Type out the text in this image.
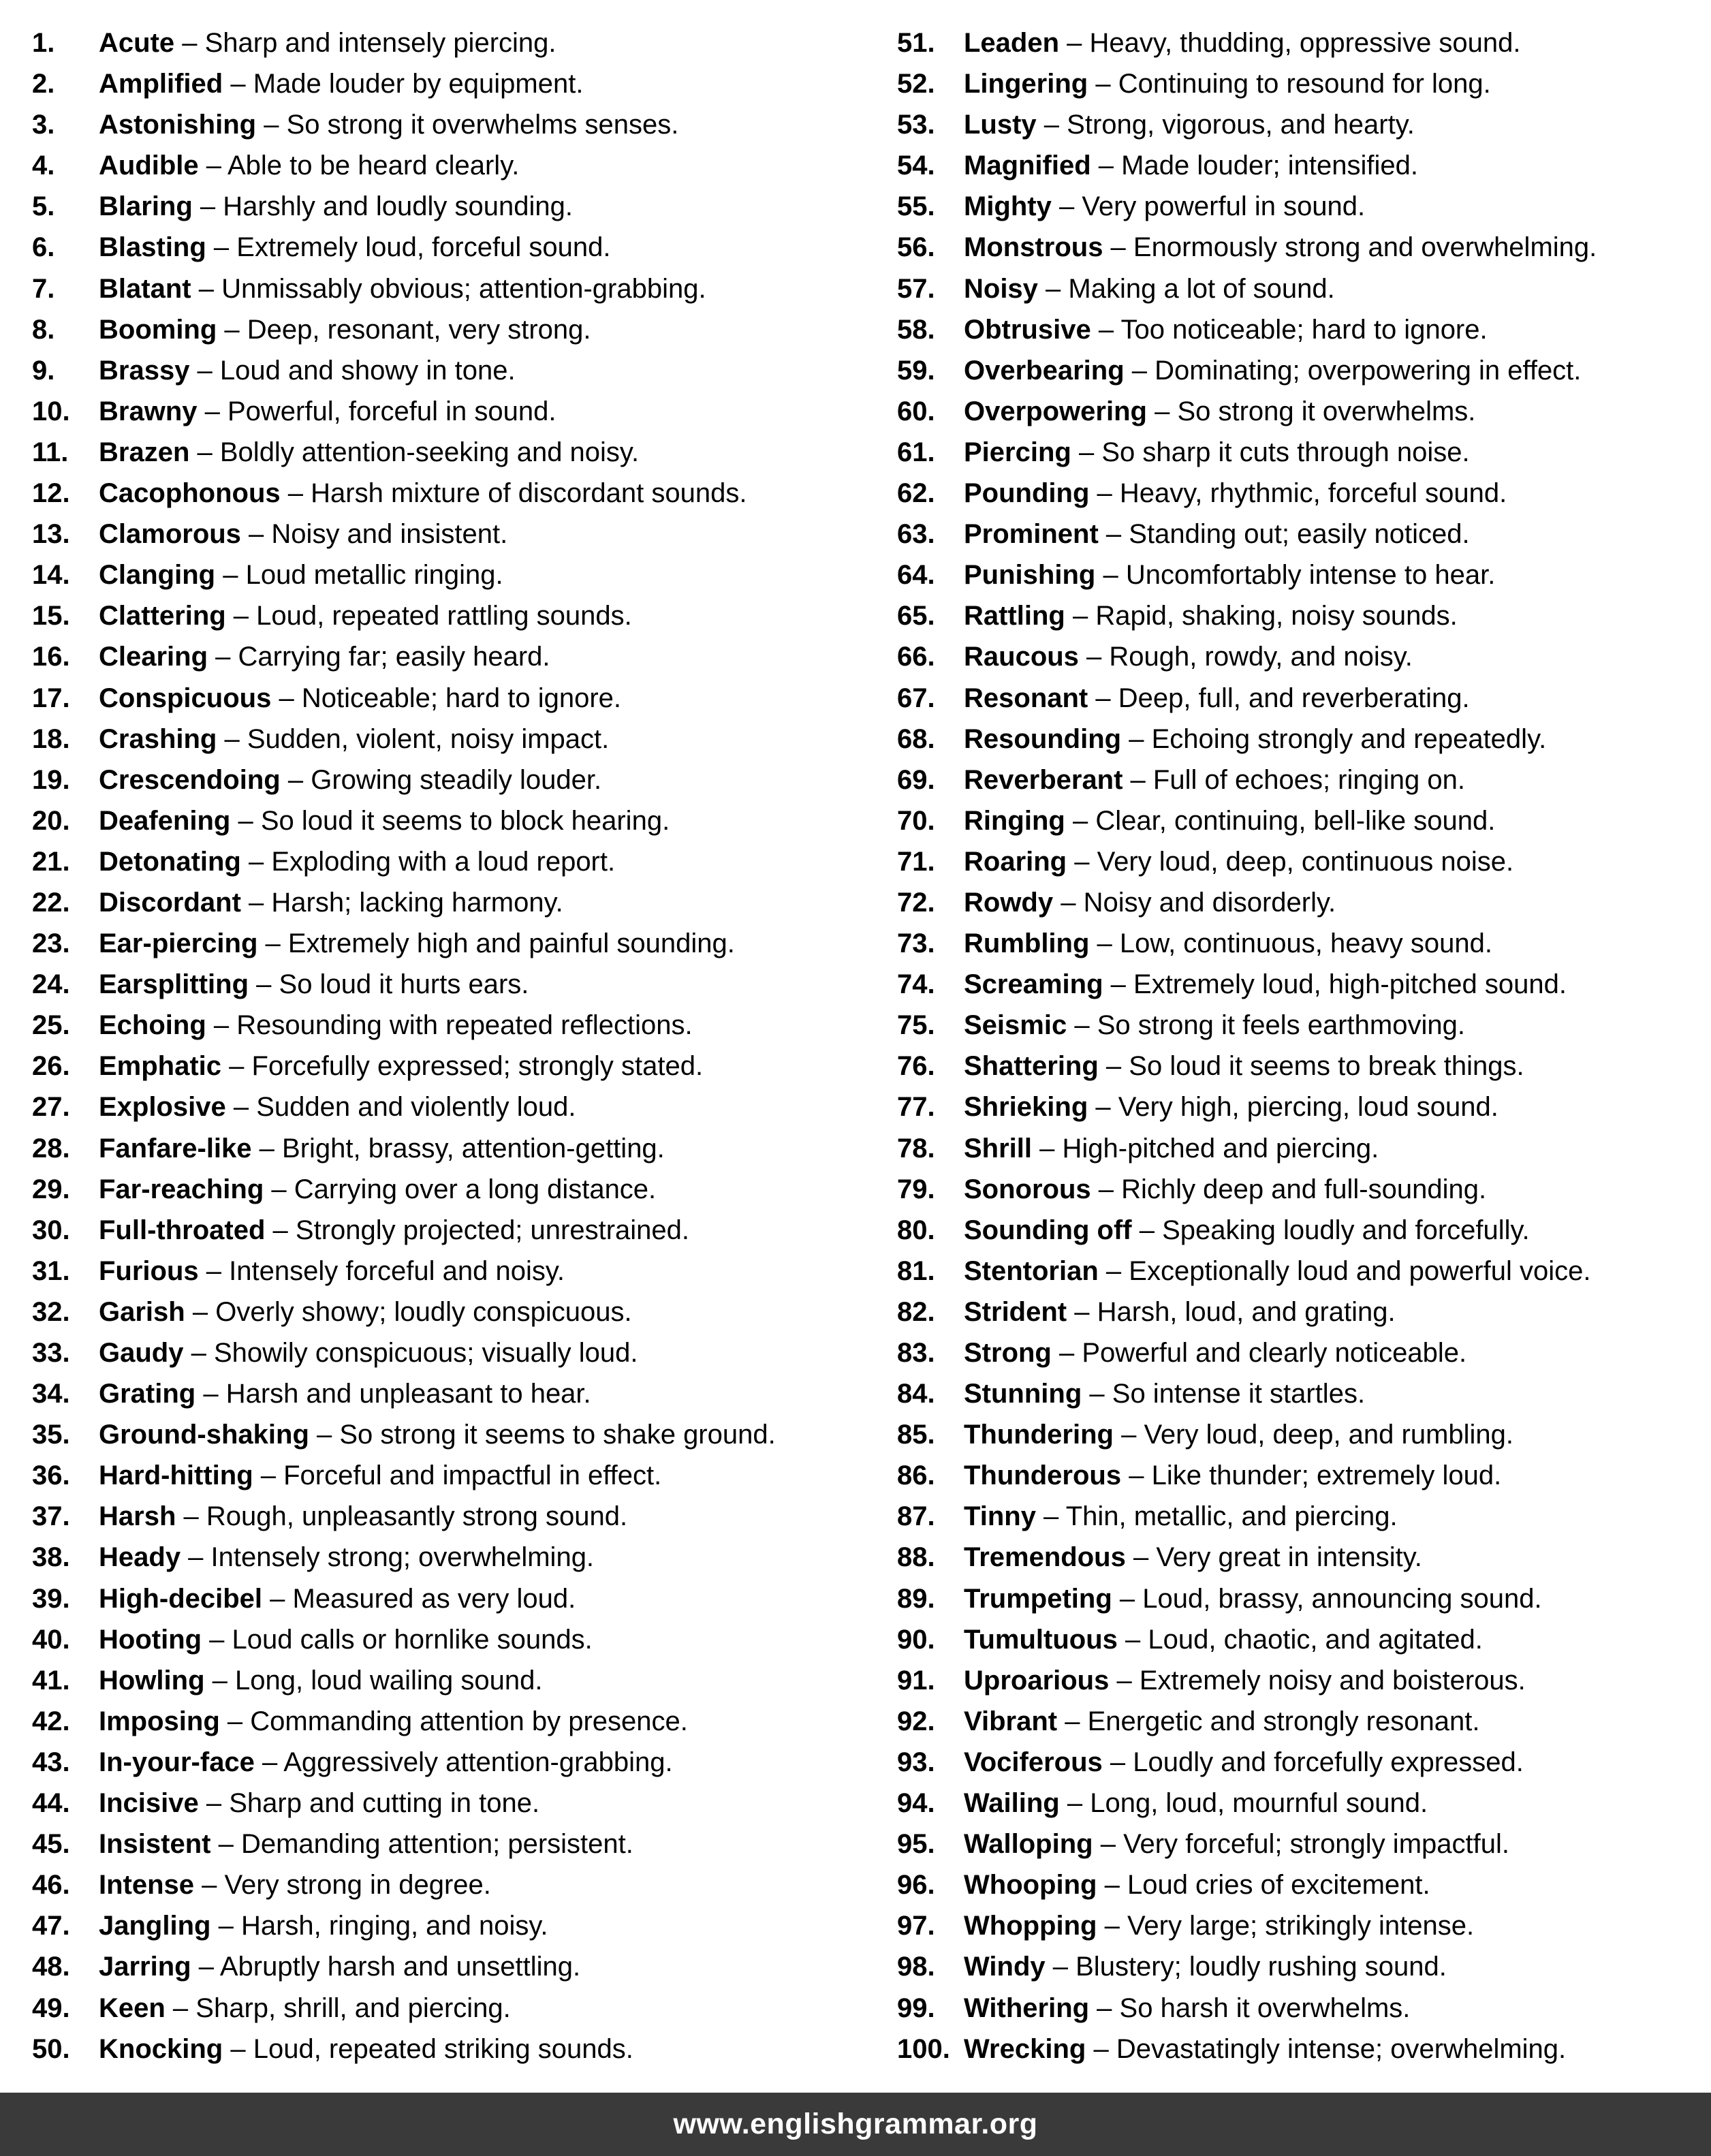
1.	Acute – Sharp and intensely piercing.
2.	Amplified – Made louder by equipment.
3.	Astonishing – So strong it overwhelms senses.
4.	Audible – Able to be heard clearly.
5.	Blaring – Harshly and loudly sounding.
6.	Blasting – Extremely loud, forceful sound.
7.	Blatant – Unmissably obvious; attention-grabbing.
8.	Booming – Deep, resonant, very strong.
9.	Brassy – Loud and showy in tone.
10.	Brawny – Powerful, forceful in sound.
11.	Brazen – Boldly attention-seeking and noisy.
12.	Cacophonous – Harsh mixture of discordant sounds.
13.	Clamorous – Noisy and insistent.
14.	Clanging – Loud metallic ringing.
15.	Clattering – Loud, repeated rattling sounds.
16.	Clearing – Carrying far; easily heard.
17.	Conspicuous – Noticeable; hard to ignore.
18.	Crashing – Sudden, violent, noisy impact.
19.	Crescendoing – Growing steadily louder.
20.	Deafening – So loud it seems to block hearing.
21.	Detonating – Exploding with a loud report.
22.	Discordant – Harsh; lacking harmony.
23.	Ear-piercing – Extremely high and painful sounding.
24.	Earsplitting – So loud it hurts ears.
25.	Echoing – Resounding with repeated reflections.
26.	Emphatic – Forcefully expressed; strongly stated.
27.	Explosive – Sudden and violently loud.
28.	Fanfare-like – Bright, brassy, attention-getting.
29.	Far-reaching – Carrying over a long distance.
30.	Full-throated – Strongly projected; unrestrained.
31.	Furious – Intensely forceful and noisy.
32.	Garish – Overly showy; loudly conspicuous.
33.	Gaudy – Showily conspicuous; visually loud.
34.	Grating – Harsh and unpleasant to hear.
35.	Ground-shaking – So strong it seems to shake ground.
36.	Hard-hitting – Forceful and impactful in effect.
37.	Harsh – Rough, unpleasantly strong sound.
38.	Heady – Intensely strong; overwhelming.
39.	High-decibel – Measured as very loud.
40.	Hooting – Loud calls or hornlike sounds.
41.	Howling – Long, loud wailing sound.
42.	Imposing – Commanding attention by presence.
43.	In-your-face – Aggressively attention-grabbing.
44.	Incisive – Sharp and cutting in tone.
45.	Insistent – Demanding attention; persistent.
46.	Intense – Very strong in degree.
47.	Jangling – Harsh, ringing, and noisy.
48.	Jarring – Abruptly harsh and unsettling.
49.	Keen – Sharp, shrill, and piercing.
50.	Knocking – Loud, repeated striking sounds.
51.	Leaden – Heavy, thudding, oppressive sound.
52.	Lingering – Continuing to resound for long.
53.	Lusty – Strong, vigorous, and hearty.
54.	Magnified – Made louder; intensified.
55.	Mighty – Very powerful in sound.
56.	Monstrous – Enormously strong and overwhelming.
57.	Noisy – Making a lot of sound.
58.	Obtrusive – Too noticeable; hard to ignore.
59.	Overbearing – Dominating; overpowering in effect.
60.	Overpowering – So strong it overwhelms.
61.	Piercing – So sharp it cuts through noise.
62.	Pounding – Heavy, rhythmic, forceful sound.
63.	Prominent – Standing out; easily noticed.
64.	Punishing – Uncomfortably intense to hear.
65.	Rattling – Rapid, shaking, noisy sounds.
66.	Raucous – Rough, rowdy, and noisy.
67.	Resonant – Deep, full, and reverberating.
68.	Resounding – Echoing strongly and repeatedly.
69.	Reverberant – Full of echoes; ringing on.
70.	Ringing – Clear, continuing, bell-like sound.
71.	Roaring – Very loud, deep, continuous noise.
72.	Rowdy – Noisy and disorderly.
73.	Rumbling – Low, continuous, heavy sound.
74.	Screaming – Extremely loud, high-pitched sound.
75.	Seismic – So strong it feels earthmoving.
76.	Shattering – So loud it seems to break things.
77.	Shrieking – Very high, piercing, loud sound.
78.	Shrill – High-pitched and piercing.
79.	Sonorous – Richly deep and full-sounding.
80.	Sounding off – Speaking loudly and forcefully.
81.	Stentorian – Exceptionally loud and powerful voice.
82.	Strident – Harsh, loud, and grating.
83.	Strong – Powerful and clearly noticeable.
84.	Stunning – So intense it startles.
85.	Thundering – Very loud, deep, and rumbling.
86.	Thunderous – Like thunder; extremely loud.
87.	Tinny – Thin, metallic, and piercing.
88.	Tremendous – Very great in intensity.
89.	Trumpeting – Loud, brassy, announcing sound.
90.	Tumultuous – Loud, chaotic, and agitated.
91.	Uproarious – Extremely noisy and boisterous.
92.	Vibrant – Energetic and strongly resonant.
93.	Vociferous – Loudly and forcefully expressed.
94.	Wailing – Long, loud, mournful sound.
95.	Walloping – Very forceful; strongly impactful.
96.	Whooping – Loud cries of excitement.
97.	Whopping – Very large; strikingly intense.
98.	Windy – Blustery; loudly rushing sound.
99.	Withering – So harsh it overwhelms.
100. Wrecking – Devastatingly intense; overwhelming.
www.englishgrammar.org
